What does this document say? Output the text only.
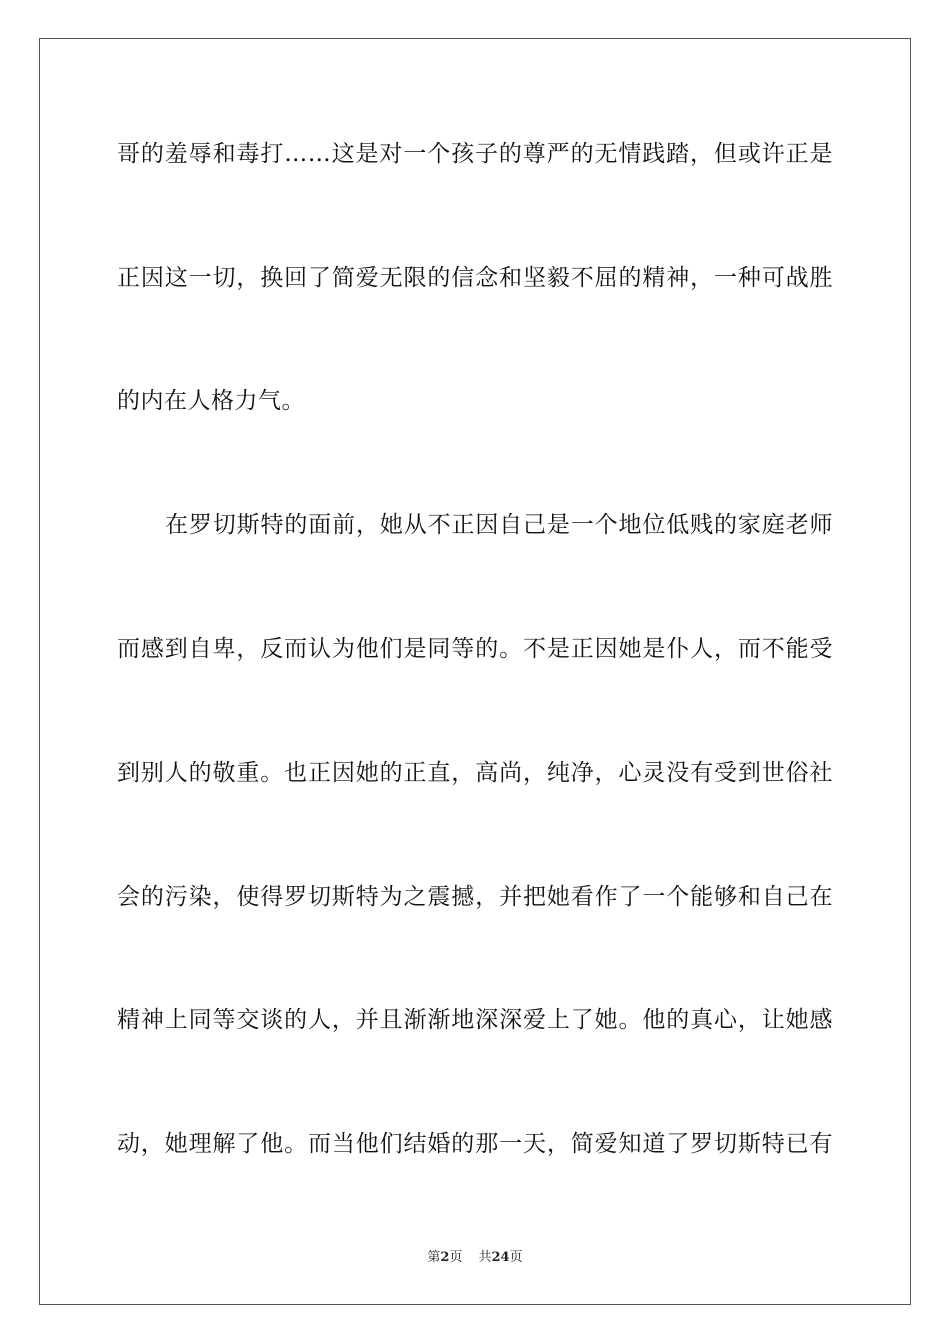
哥的羞辱和毒打……这是对一个孩子的尊严的无情践踏，但或许正是
正因这一切，换回了简爱无限的信念和坚毅不屈的精神，一种可战胜
的内在人格力气。
在罗切斯特的面前，她从不正因自己是一个地位低贱的家庭老师
而感到自卑，反而认为他们是同等的。不是正因她是仆人，而不能受
到别人的敬重。也正因她的正直，高尚，纯净，心灵没有受到世俗社
会的污染，使得罗切斯特为之震撼，并把她看作了一个能够和自己在
精神上同等交谈的人，并且渐渐地深深爱上了她。他的真心，让她感
动，她理解了他。而当他们结婚的那一天，简爱知道了罗切斯特已有
第2页 共24页
